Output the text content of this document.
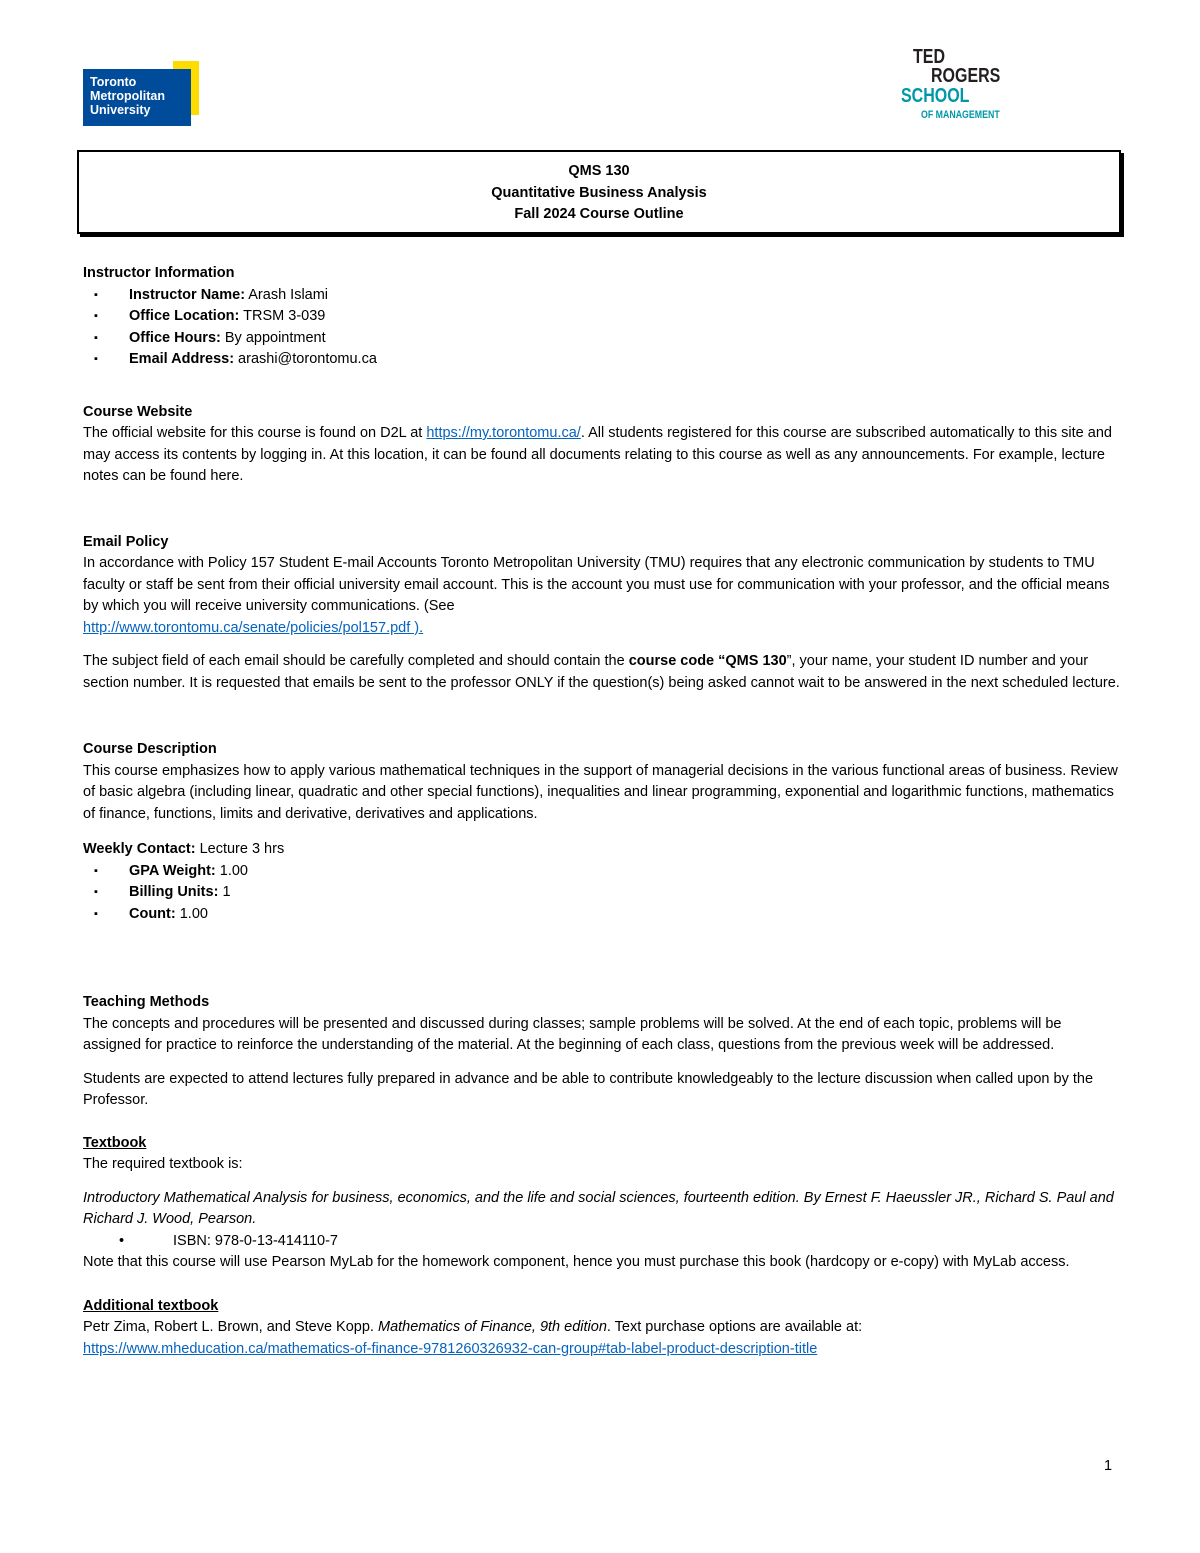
Toronto
Metropolitan
University
TED
ROGERS
SCHOOL
OF MANAGEMENT
QMS 130
Quantitative Business Analysis
Fall 2024 Course Outline
Instructor Information
▪ Instructor Name: Arash Islami
▪ Office Location: TRSM 3-039
▪ Office Hours: By appointment
▪ Email Address: arashi@torontomu.ca
Course Website

The official website for this course is found on D2L at https://my.torontomu.ca/. All students registered for this course are subscribed automatically to this site and may access its contents by logging in. At this location, it can be found all documents relating to this course as well as any announcements. For example, lecture notes can be found here.

Email Policy

In accordance with Policy 157 Student E-mail Accounts Toronto Metropolitan University (TMU) requires that any electronic communication by students to TMU faculty or staff be sent from their official university email account. This is the account you must use for communication with your professor, and the official means by which you will receive university communications. (See
http://www.torontomu.ca/senate/policies/pol157.pdf ).

The subject field of each email should be carefully completed and should contain the course code “QMS 130”, your name, your student ID number and your section number. It is requested that emails be sent to the professor ONLY if the question(s) being asked cannot wait to be answered in the next scheduled lecture.

Course Description

This course emphasizes how to apply various mathematical techniques in the support of managerial decisions in the various functional areas of business. Review of basic algebra (including linear, quadratic and other special functions), inequalities and linear programming, exponential and logarithmic functions, mathematics of finance, functions, limits and derivative, derivatives and applications.

Weekly Contact: Lecture 3 hrs

▪ GPA Weight: 1.00
▪ Billing Units: 1
▪ Count: 1.00
Teaching Methods

The concepts and procedures will be presented and discussed during classes; sample problems will be solved. At the end of each topic, problems will be assigned for practice to reinforce the understanding of the material. At the beginning of each class, questions from the previous week will be addressed.

Students are expected to attend lectures fully prepared in advance and be able to contribute knowledgeably to the lecture discussion when called upon by the Professor.

Textbook

The required textbook is:

Introductory Mathematical Analysis for business, economics, and the life and social sciences, fourteenth edition. By Ernest F. Haeussler JR., Richard S. Paul and Richard J. Wood, Pearson.

•	ISBN: 978-0-13-414110-7

Note that this course will use Pearson MyLab for the homework component, hence you must purchase this book (hardcopy or e-copy) with MyLab access.

Additional textbook

Petr Zima, Robert L. Brown, and Steve Kopp. Mathematics of Finance, 9th edition. Text purchase options are available at:
https://www.mheducation.ca/mathematics-of-finance-9781260326932-can-group#tab-label-product-description-title

1
